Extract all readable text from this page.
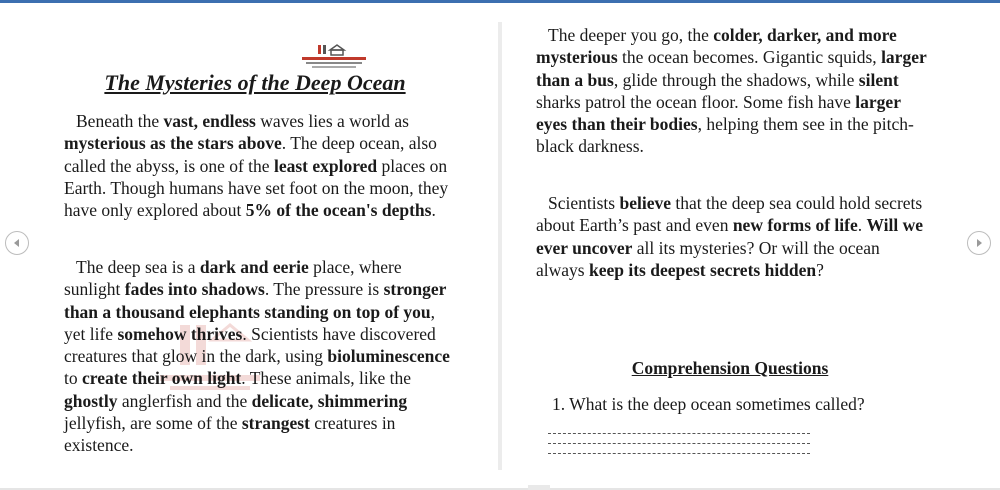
The Mysteries of the Deep Ocean

Beneath the vast, endless waves lies a world as mysterious as the stars above. The deep ocean, also called the abyss, is one of the least explored places on Earth. Though humans have set foot on the moon, they have only explored about 5% of the ocean's depths.

The deep sea is a dark and eerie place, where sunlight fades into shadows. The pressure is stronger than a thousand elephants standing on top of you, yet life somehow thrives. Scientists have discovered creatures that glow in the dark, using bioluminescence to create their own light. These animals, like the ghostly anglerfish and the delicate, shimmering jellyfish, are some of the strangest creatures in existence.

The deeper you go, the colder, darker, and more mysterious the ocean becomes. Gigantic squids, larger than a bus, glide through the shadows, while silent sharks patrol the ocean floor. Some fish have larger eyes than their bodies, helping them see in the pitch-black darkness.

Scientists believe that the deep sea could hold secrets about Earth’s past and even new forms of life. Will we ever uncover all its mysteries? Or will the ocean always keep its deepest secrets hidden?

Comprehension Questions
1. What is the deep ocean sometimes called?
